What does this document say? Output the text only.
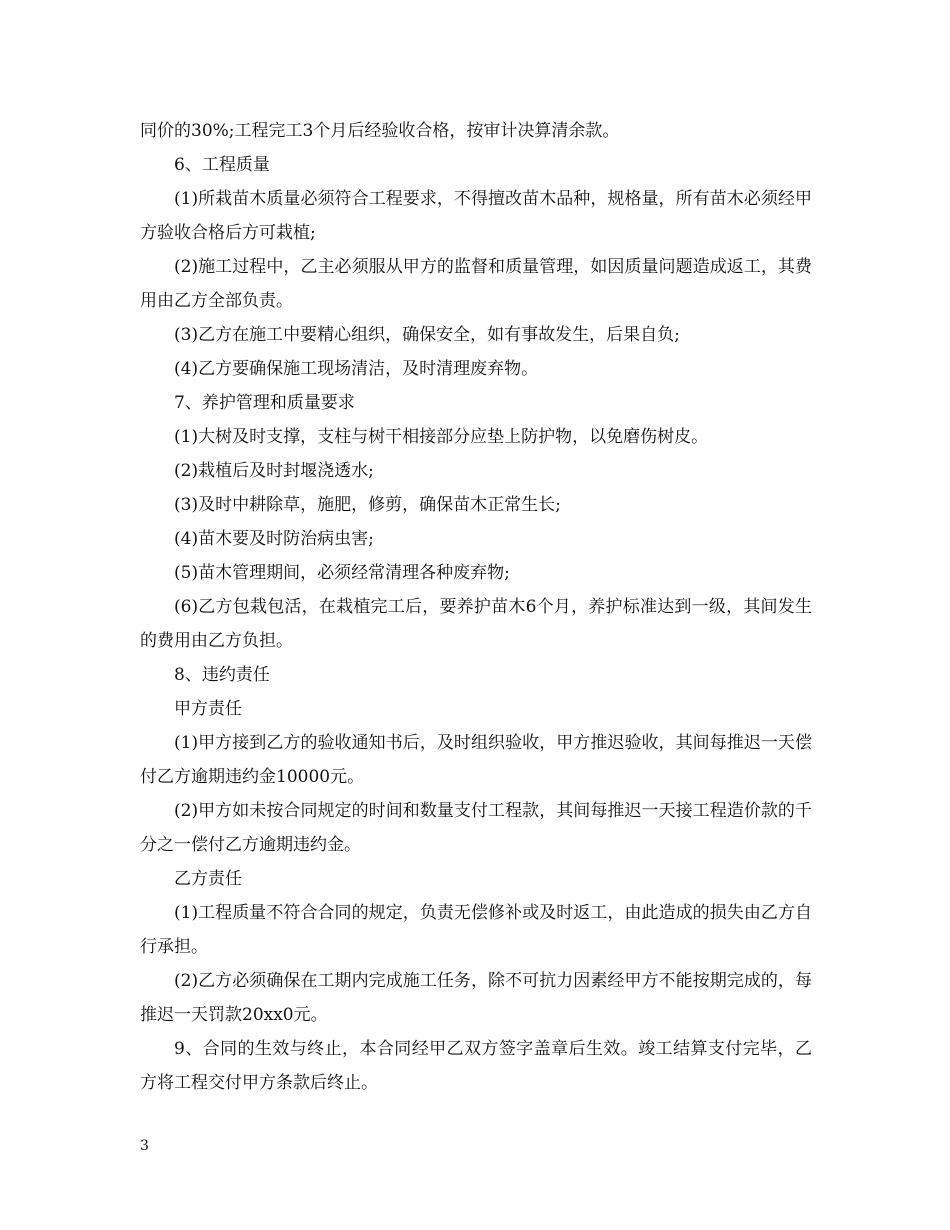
同价的30%;工程完工3个月后经验收合格，按审计决算清余款。

6、工程质量

(1)所栽苗木质量必须符合工程要求，不得擅改苗木品种，规格量，所有苗木必须经甲方验收合格后方可栽植;

(2)施工过程中，乙主必须服从甲方的监督和质量管理，如因质量问题造成返工，其费用由乙方全部负责。

(3)乙方在施工中要精心组织，确保安全，如有事故发生，后果自负;

(4)乙方要确保施工现场清洁，及时清理废弃物。

7、养护管理和质量要求

(1)大树及时支撑，支柱与树干相接部分应垫上防护物，以免磨伤树皮。

(2)栽植后及时封堰浇透水;

(3)及时中耕除草，施肥，修剪，确保苗木正常生长;

(4)苗木要及时防治病虫害;

(5)苗木管理期间，必须经常清理各种废弃物;

(6)乙方包栽包活，在栽植完工后，要养护苗木6个月，养护标准达到一级，其间发生的费用由乙方负担。

8、违约责任

甲方责任

(1)甲方接到乙方的验收通知书后，及时组织验收，甲方推迟验收，其间每推迟一天偿付乙方逾期违约金10000元。

(2)甲方如未按合同规定的时间和数量支付工程款，其间每推迟一天接工程造价款的千分之一偿付乙方逾期违约金。

乙方责任

(1)工程质量不符合合同的规定，负责无偿修补或及时返工，由此造成的损失由乙方自行承担。

(2)乙方必须确保在工期内完成施工任务，除不可抗力因素经甲方不能按期完成的，每推迟一天罚款20xx0元。

9、合同的生效与终止，本合同经甲乙双方签字盖章后生效。竣工结算支付完毕，乙方将工程交付甲方条款后终止。

3
